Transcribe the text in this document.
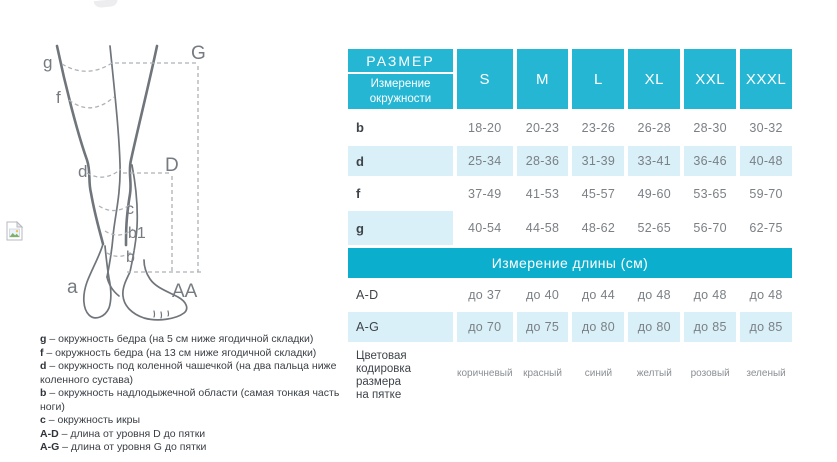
g
f
d
c
b1
b
a
G
D
AA
g – окружность бедра (на 5 см ниже ягодичной складки)
f – окружность бедра (на 13 см ниже ягодичной складки)
d – окружность под коленной чашечкой (на два пальца ниже коленного сустава)
b – окружность надлодыжечной области (самая тонкая часть ноги)
c – окружность икры
A-D – длина от уровня D до пятки
A-G – длина от уровня G до пятки
РАЗМЕР
Измерение окружности
S	M	L	XL	XXL	XXXL
b	18-20	20-23	23-26	26-28	28-30	30-32
d	25-34	28-36	31-39	33-41	36-46	40-48
f	37-49	41-53	45-57	49-60	53-65	59-70
g	40-54	44-58	48-62	52-65	56-70	62-75
Измерение длины (см)
A-D	до 37	до 40	до 44	до 48	до 48	до 48
A-G	до 70	до 75	до 80	до 80	до 85	до 85
Цветовая
кодировка
размера
на пятке
коричневый	красный	синий	желтый	розовый	зеленый
